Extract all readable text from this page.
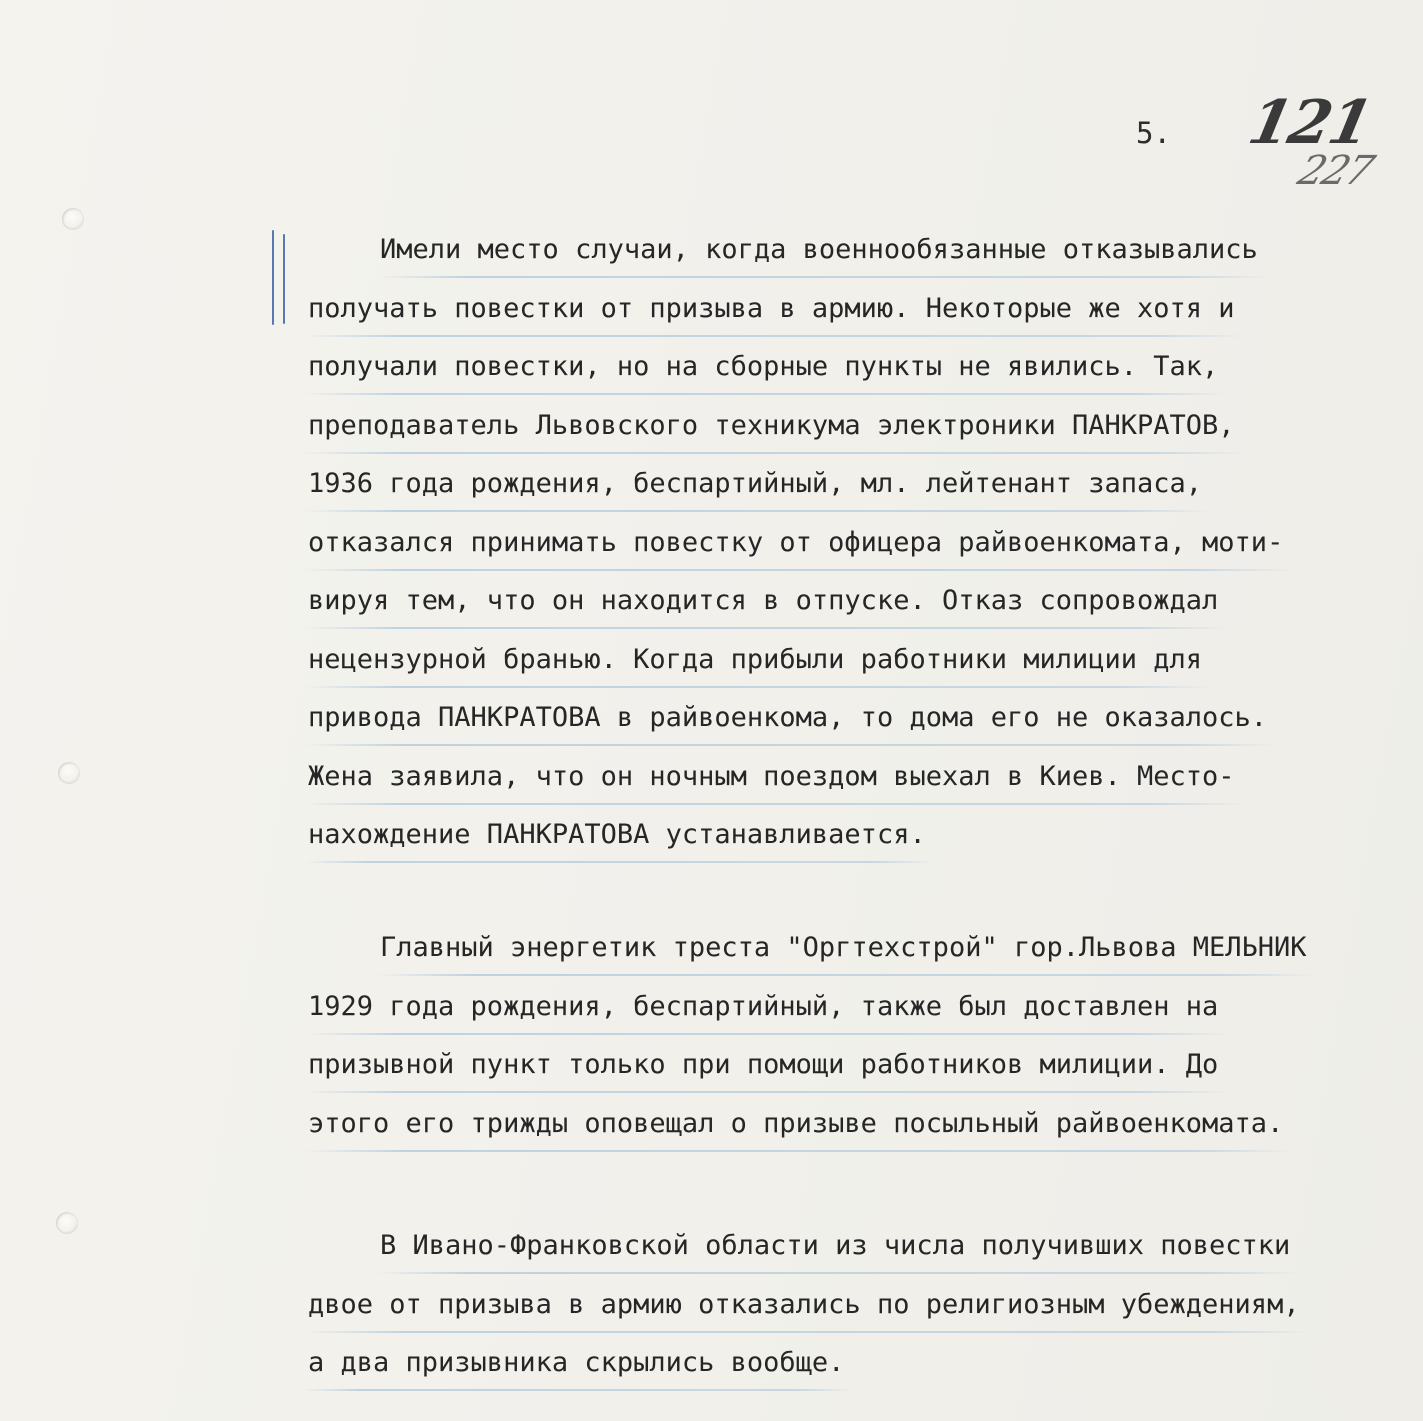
5. 121
227
Имели место случаи, когда военнообязанные отказывались
получать повестки от призыва в армию. Некоторые же хотя и
получали повестки, но на сборные пункты не явились. Так,
преподаватель Львовского техникума электроники ПАНКРАТОВ,
1936 года рождения, беспартийный, мл. лейтенант запаса,
отказался принимать повестку от офицера райвоенкомата, моти-
вируя тем, что он находится в отпуске. Отказ сопровождал
нецензурной бранью. Когда прибыли работники милиции для
привода ПАНКРАТОВА в райвоенкома, то дома его не оказалось.
Жена заявила, что он ночным поездом выехал в Киев. Место-
нахождение ПАНКРАТОВА устанавливается.
Главный энергетик треста "Оргтехстрой" гор.Львова МЕЛЬНИК
1929 года рождения, беспартийный, также был доставлен на
призывной пункт только при помощи работников милиции. До
этого его трижды оповещал о призыве посыльный райвоенкомата.
В Ивано-Франковской области из числа получивших повестки
двое от призыва в армию отказались по религиозным убеждениям,
а два призывника скрылись вообще.
